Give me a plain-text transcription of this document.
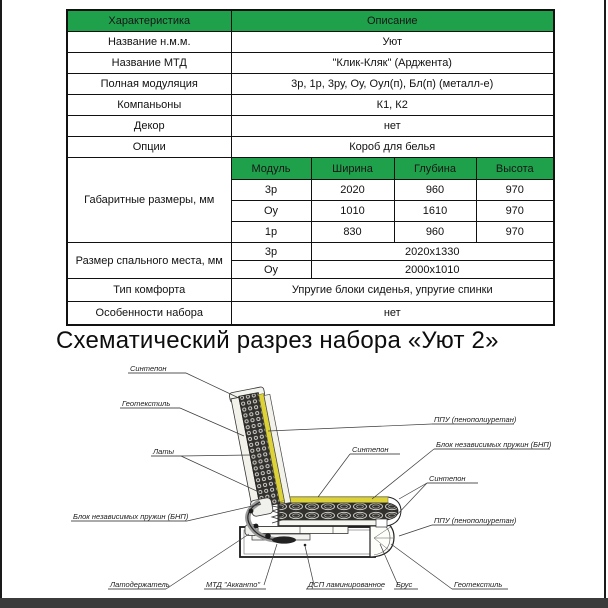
Характеристика	Описание			
Название н.м.м.	Уют			
Название МТД	"Клик-Кляк" (Арджента)			
Полная модуляция	3р, 1р, 3ру, Оу, Оул(п), Бл(п) (металл-е)			
Компаньоны	К1, К2			
Декор	нет			
Опции	Короб для белья			
Габаритные размеры, мм	Модуль	Ширина	Глубина	Высота
	3р	2020	960	970
	Оу	1010	1610	970
	1р	830	960	970
Размер спального места, мм	3р	2020x1330		
	Оу	2000x1010		
Тип комфорта	Упругие блоки сиденья, упругие спинки			
Особенности набора	нет			
Схематический разрез набора «Уют 2»
Синтепон
Геотекстиль
Латы
Блок независимых пружин (БНП)
Латодержатель	МТД "Акканто"
Синтепон
ППУ (пенополиуретан)
Блок независимых пружин (БНП)
Синтепон
ППУ (пенополиуретан)
ДСП ламинированное Брус	Геотекстиль
